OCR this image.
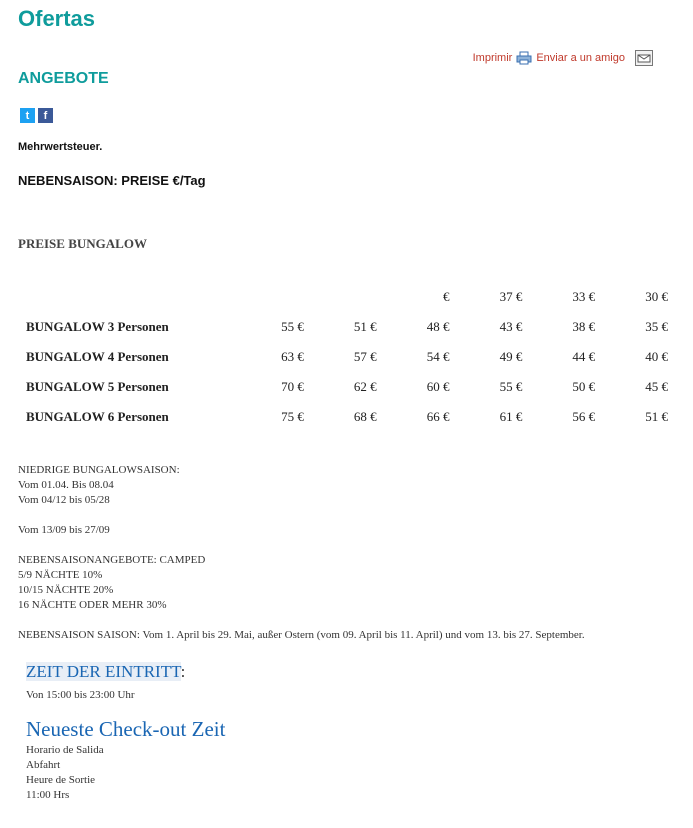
Ofertas
Imprimir Enviar a un amigo
ANGEBOTE
t	f
Mehrwertsteuer.
NEBENSAISON: PREISE €/Tag
PREISE BUNGALOW
			€	37 €	33 €	30 €
BUNGALOW 3 Personen	55 €	51 €	48 €	43 €	38 €	35 €
BUNGALOW 4 Personen	63 €	57 €	54 €	49 €	44 €	40 €
BUNGALOW 5 Personen	70 €	62 €	60 €	55 €	50 €	45 €
BUNGALOW 6 Personen	75 €	68 €	66 €	61 €	56 €	51 €
NIEDRIGE BUNGALOWSAISON:
Vom 01.04. Bis 08.04
Vom 04/12 bis 05/28
Vom 13/09 bis 27/09
NEBENSAISONANGEBOTE: CAMPED
5/9 NÄCHTE 10%
10/15 NÄCHTE 20%
16 NÄCHTE ODER MEHR 30%
NEBENSAISON SAISON: Vom 1. April bis 29. Mai, außer Ostern (vom 09. April bis 11. April) und vom 13. bis 27. September.
ZEIT DER EINTRITT:
Von 15:00 bis 23:00 Uhr
Neueste Check-out Zeit
Horario de Salida
Abfahrt
Heure de Sortie
11:00 Hrs
